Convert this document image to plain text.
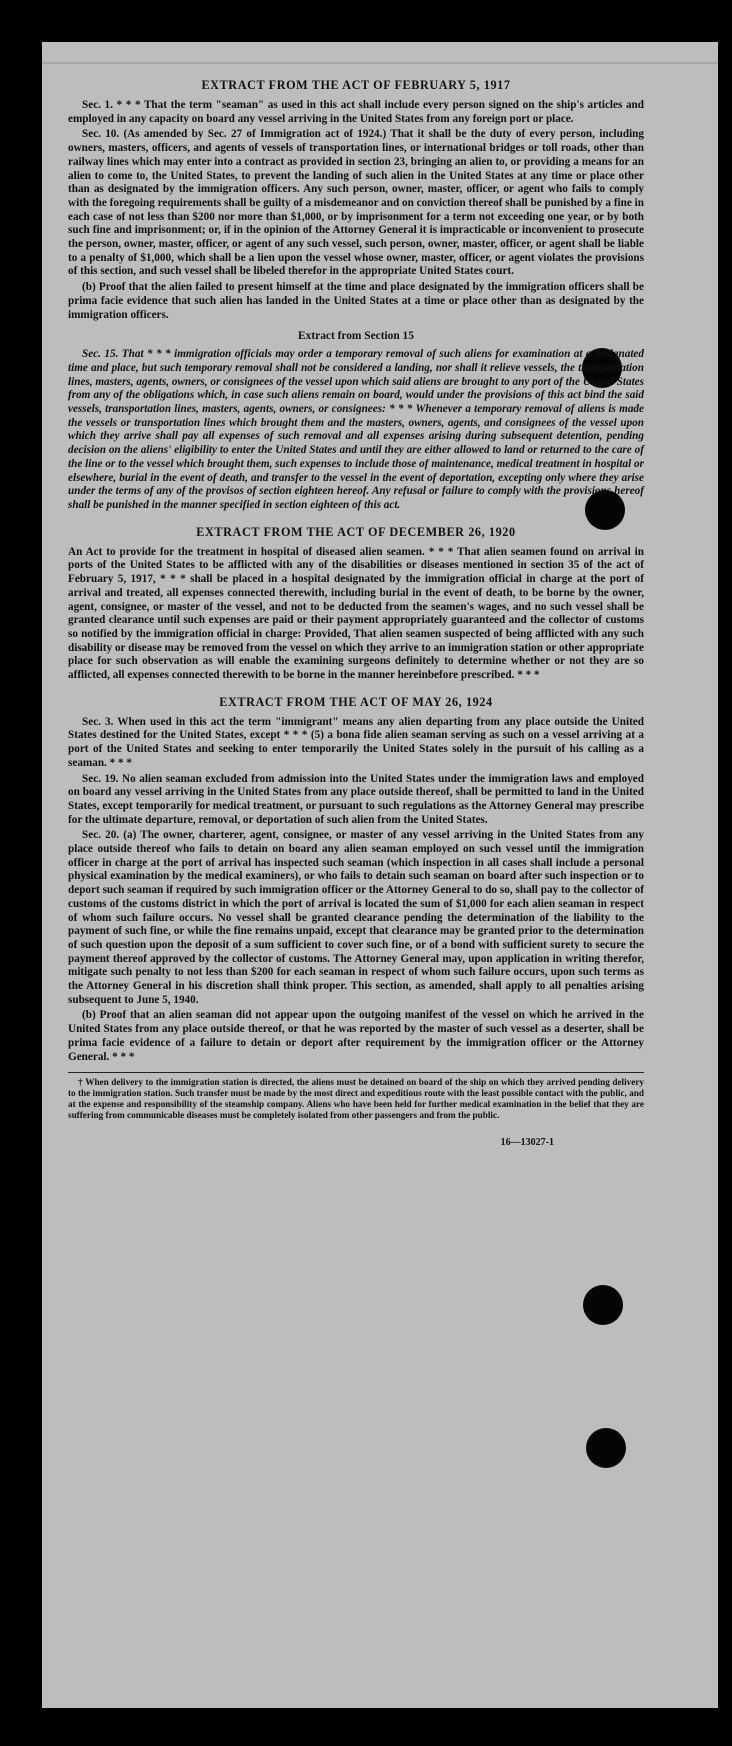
EXTRACT FROM THE ACT OF FEBRUARY 5, 1917

Sec. 1. * * * That the term "seaman" as used in this act shall include every person signed on the ship's articles and employed in any capacity on board any vessel arriving in the United States from any foreign port or place.

Sec. 10. (As amended by Sec. 27 of Immigration act of 1924.) That it shall be the duty of every person, including owners, masters, officers, and agents of vessels of transportation lines, or international bridges or toll roads, other than railway lines which may enter into a contract as provided in section 23, bringing an alien to, or providing a means for an alien to come to, the United States, to prevent the landing of such alien in the United States at any time or place other than as designated by the immigration officers. Any such person, owner, master, officer, or agent who fails to comply with the foregoing requirements shall be guilty of a misdemeanor and on conviction thereof shall be punished by a fine in each case of not less than $200 nor more than $1,000, or by imprisonment for a term not exceeding one year, or by both such fine and imprisonment; or, if in the opinion of the Attorney General it is impracticable or inconvenient to prosecute the person, owner, master, officer, or agent of any such vessel, such person, owner, master, officer, or agent shall be liable to a penalty of $1,000, which shall be a lien upon the vessel whose owner, master, officer, or agent violates the provisions of this section, and such vessel shall be libeled therefor in the appropriate United States court.

(b) Proof that the alien failed to present himself at the time and place designated by the immigration officers shall be prima facie evidence that such alien has landed in the United States at a time or place other than as designated by the immigration officers.

Extract from Section 15

Sec. 15. That * * * immigration officials may order a temporary removal of such aliens for examination at a designated time and place, but such temporary removal shall not be considered a landing, nor shall it relieve vessels, the transportation lines, masters, agents, owners, or consignees of the vessel upon which said aliens are brought to any port of the United States from any of the obligations which, in case such aliens remain on board, would under the provisions of this act bind the said vessels, transportation lines, masters, agents, owners, or consignees: * * * Whenever a temporary removal of aliens is made the vessels or transportation lines which brought them and the masters, owners, agents, and consignees of the vessel upon which they arrive shall pay all expenses of such removal and all expenses arising during subsequent detention, pending decision on the aliens' eligibility to enter the United States and until they are either allowed to land or returned to the care of the line or to the vessel which brought them, such expenses to include those of maintenance, medical treatment in hospital or elsewhere, burial in the event of death, and transfer to the vessel in the event of deportation, excepting only where they arise under the terms of any of the provisos of section eighteen hereof. Any refusal or failure to comply with the provisions hereof shall be punished in the manner specified in section eighteen of this act.

EXTRACT FROM THE ACT OF DECEMBER 26, 1920

An Act to provide for the treatment in hospital of diseased alien seamen. * * * That alien seamen found on arrival in ports of the United States to be afflicted with any of the disabilities or diseases mentioned in section 35 of the act of February 5, 1917, * * * shall be placed in a hospital designated by the immigration official in charge at the port of arrival and treated, all expenses connected therewith, including burial in the event of death, to be borne by the owner, agent, consignee, or master of the vessel, and not to be deducted from the seamen's wages, and no such vessel shall be granted clearance until such expenses are paid or their payment appropriately guaranteed and the collector of customs so notified by the immigration official in charge: Provided, That alien seamen suspected of being afflicted with any such disability or disease may be removed from the vessel on which they arrive to an immigration station or other appropriate place for such observation as will enable the examining surgeons definitely to determine whether or not they are so afflicted, all expenses connected therewith to be borne in the manner hereinbefore prescribed. * * *

EXTRACT FROM THE ACT OF MAY 26, 1924

Sec. 3. When used in this act the term "immigrant" means any alien departing from any place outside the United States destined for the United States, except * * * (5) a bona fide alien seaman serving as such on a vessel arriving at a port of the United States and seeking to enter temporarily the United States solely in the pursuit of his calling as a seaman. * * *

Sec. 19. No alien seaman excluded from admission into the United States under the immigration laws and employed on board any vessel arriving in the United States from any place outside thereof, shall be permitted to land in the United States, except temporarily for medical treatment, or pursuant to such regulations as the Attorney General may prescribe for the ultimate departure, removal, or deportation of such alien from the United States.

Sec. 20. (a) The owner, charterer, agent, consignee, or master of any vessel arriving in the United States from any place outside thereof who fails to detain on board any alien seaman employed on such vessel until the immigration officer in charge at the port of arrival has inspected such seaman (which inspection in all cases shall include a personal physical examination by the medical examiners), or who fails to detain such seaman on board after such inspection or to deport such seaman if required by such immigration officer or the Attorney General to do so, shall pay to the collector of customs of the customs district in which the port of arrival is located the sum of $1,000 for each alien seaman in respect of whom such failure occurs. No vessel shall be granted clearance pending the determination of the liability to the payment of such fine, or while the fine remains unpaid, except that clearance may be granted prior to the determination of such question upon the deposit of a sum sufficient to cover such fine, or of a bond with sufficient surety to secure the payment thereof approved by the collector of customs. The Attorney General may, upon application in writing therefor, mitigate such penalty to not less than $200 for each seaman in respect of whom such failure occurs, upon such terms as the Attorney General in his discretion shall think proper. This section, as amended, shall apply to all penalties arising subsequent to June 5, 1940.

(b) Proof that an alien seaman did not appear upon the outgoing manifest of the vessel on which he arrived in the United States from any place outside thereof, or that he was reported by the master of such vessel as a deserter, shall be prima facie evidence of a failure to detain or deport after requirement by the immigration officer or the Attorney General. * * *

† When delivery to the immigration station is directed, the aliens must be detained on board of the ship on which they arrived pending delivery to the immigration station. Such transfer must be made by the most direct and expeditious route with the least possible contact with the public, and at the expense and responsibility of the steamship company. Aliens who have been held for further medical examination in the belief that they are suffering from communicable diseases must be completely isolated from other passengers and from the public.

16—13027-1
